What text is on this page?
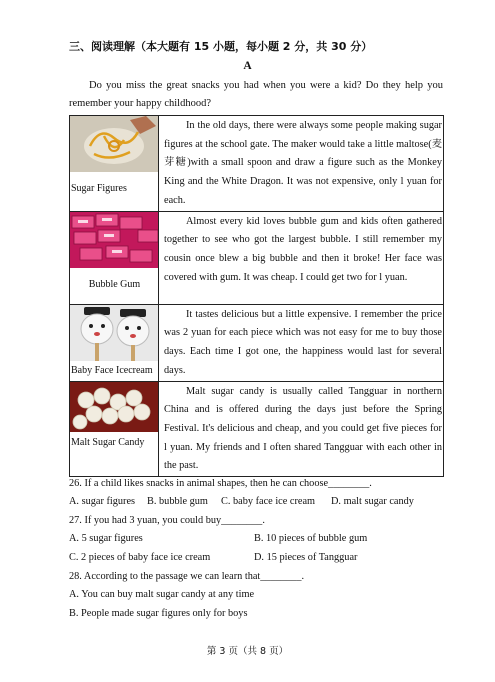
三、阅读理解（本大题有 15 小题，每小题 2 分，共 30 分）
A
Do you miss the great snacks you had when you were a kid? Do they help you remember your happy childhood?
Sugar Figures	In the old days, there were always some people making sugar figures at the school gate. The maker would take a little maltose(麦芽糖)with a small spoon and draw a figure such as the Monkey King and the White Dragon. It was not expensive, only l yuan for each.

Bubble Gum	Almost every kid loves bubble gum and kids often gathered together to see who got the largest bubble. I still remember my cousin once blew a big bubble and then it broke! Her face was covered with gum. It was cheap. I could get two for l yuan.

Baby Face Icecream	It tastes delicious but a little expensive. I remember the price was 2 yuan for each piece which was not easy for me to buy those days. Each time I got one, the happiness would last for several days.

Malt Sugar Candy	Malt sugar candy is usually called Tangguar in northern China and is offered during the days just before the Spring Festival. It's delicious and cheap, and you could get five pieces for l yuan. My friends and I often shared Tangguar with each other in the past.
26. If a child likes snacks in animal shapes, then he can choose________.
A. sugar figures B. bubble gum C. baby face ice cream D. malt sugar candy
27. If you had 3 yuan, you could buy________.
A. 5 sugar figures	B. 10 pieces of bubble gum
C. 2 pieces of baby face ice cream	D. 15 pieces of Tangguar
28. According to the passage we can learn that________.
A. You can buy malt sugar candy at any time
B. People made sugar figures only for boys
第 3 页（共 8 页）
